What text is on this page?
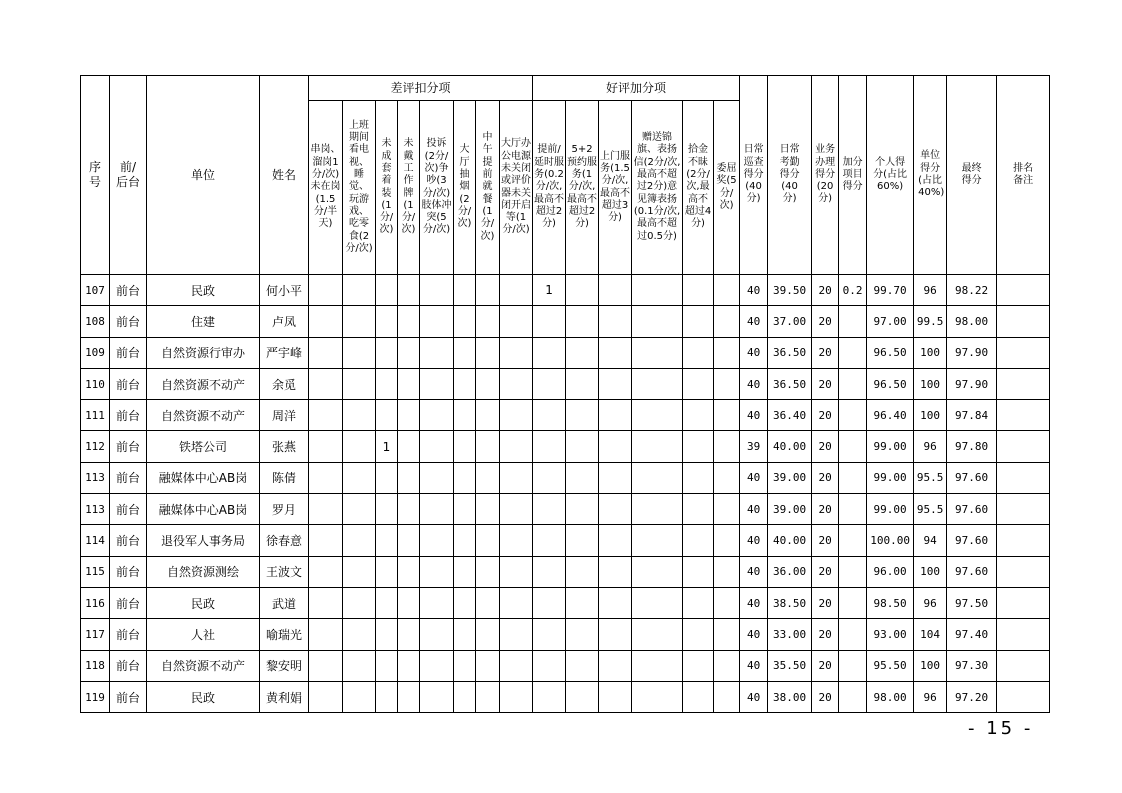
序号	前/后台	单位	姓名	差评扣分项								好评加分项						日常巡查得分(40分)	日常考勤得分(40分)	业务办理得分(20分)	加分项目得分	个人得分(占比60%)	单位得分(占比40%)	最终得分	排名备注

				串岗、溜岗1分/次)未在岗(1.5分/半天)	上班期间看电视、睡觉、玩游戏、吃零食(2分/次)	未成套着装(1分/次)	未戴工作牌(1分/次)	投诉(2分/次)争吵(3分/次)肢体冲突(5分/次)	大厅抽烟(2分/次)	中午提前就餐(1分/次)	大厅办公电源未关闭或评价器未关闭开启等(1分/次)	提前/延时服务(0.2分/次,最高不超过2分)	5+2预约服务(1分/次,最高不超过2分)	上门服务(1.5分/次,最高不超过3分)	赠送锦旗、表扬信(2分/次,最高不超过2分)意见簿表扬(0.1分/次,最高不超过0.5分)	拾金不昧(2分/次,最高不超过4分)	委屈奖(5分/次)								

107	前台	民政	何小平									1						40	39.50	20	0.2	99.70	96	98.22	
108	前台	住建	卢凤															40	37.00	20		97.00	99.5	98.00	
109	前台	自然资源行审办	严宇峰															40	36.50	20		96.50	100	97.90	
110	前台	自然资源不动产	余觅															40	36.50	20		96.50	100	97.90	
111	前台	自然资源不动产	周洋															40	36.40	20		96.40	100	97.84	
112	前台	铁塔公司	张燕			1												39	40.00	20		99.00	96	97.80	
113	前台	融媒体中心AB岗	陈倩															40	39.00	20		99.00	95.5	97.60	
113	前台	融媒体中心AB岗	罗月															40	39.00	20		99.00	95.5	97.60	
114	前台	退役军人事务局	徐春意															40	40.00	20		100.00	94	97.60	
115	前台	自然资源测绘	王波文															40	36.00	20		96.00	100	97.60	
116	前台	民政	武道															40	38.50	20		98.50	96	97.50	
117	前台	人社	喻瑞光															40	33.00	20		93.00	104	97.40	
118	前台	自然资源不动产	黎安明															40	35.50	20		95.50	100	97.30	
119	前台	民政	黄利娟															40	38.00	20		98.00	96	97.20	
- 15 -
